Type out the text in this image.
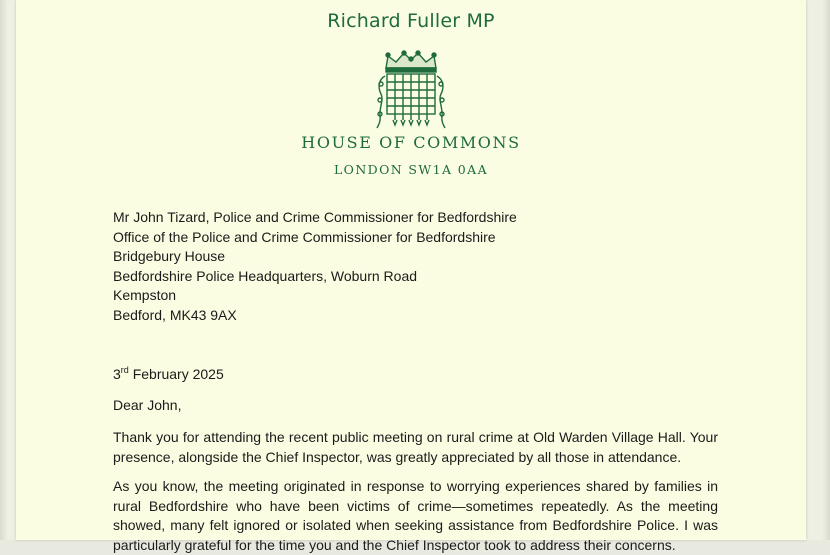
Richard Fuller MP
HOUSE OF COMMONS
LONDON SW1A 0AA
Mr John Tizard, Police and Crime Commissioner for Bedfordshire
Office of the Police and Crime Commissioner for Bedfordshire
Bridgebury House
Bedfordshire Police Headquarters, Woburn Road
Kempston
Bedford, MK43 9AX
3rd February 2025
Dear John,
Thank you for attending the recent public meeting on rural crime at Old Warden Village Hall. Your presence, alongside the Chief Inspector, was greatly appreciated by all those in attendance.
As you know, the meeting originated in response to worrying experiences shared by families in rural Bedfordshire who have been victims of crime—sometimes repeatedly. As the meeting showed, many felt ignored or isolated when seeking assistance from Bedfordshire Police. I was particularly grateful for the time you and the Chief Inspector took to address their concerns.
